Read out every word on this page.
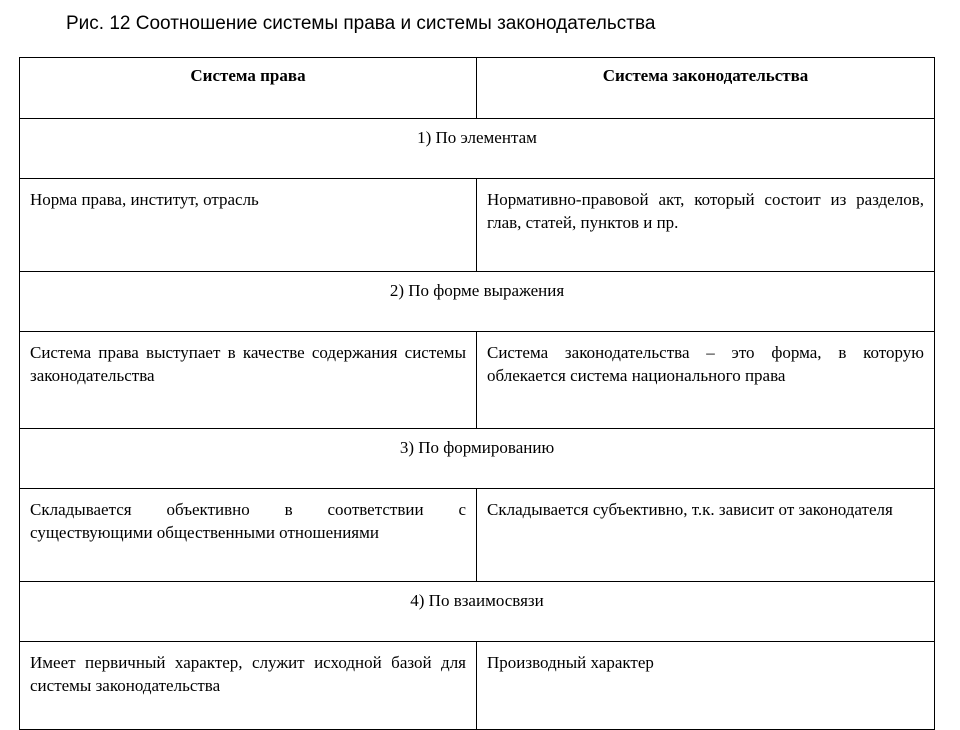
Рис. 12 Соотношение системы права и системы законодательства
Система права	Система законодательства

1) По элементам	
Норма права, институт, отрасль	Нормативно-правовой акт, который состоит из разделов, глав, статей, пунктов и пр.
2) По форме выражения	
Система права выступает в качестве содержания системы законодательства	Система законодательства – это форма, в которую облекается система национального права
3) По формированию	
Складывается объективно в соответствии с существующими общественными отношениями	Складывается субъективно, т.к. зависит от законодателя
4) По взаимосвязи	
Имеет первичный характер, служит исходной базой для системы законодательства	Производный характер
